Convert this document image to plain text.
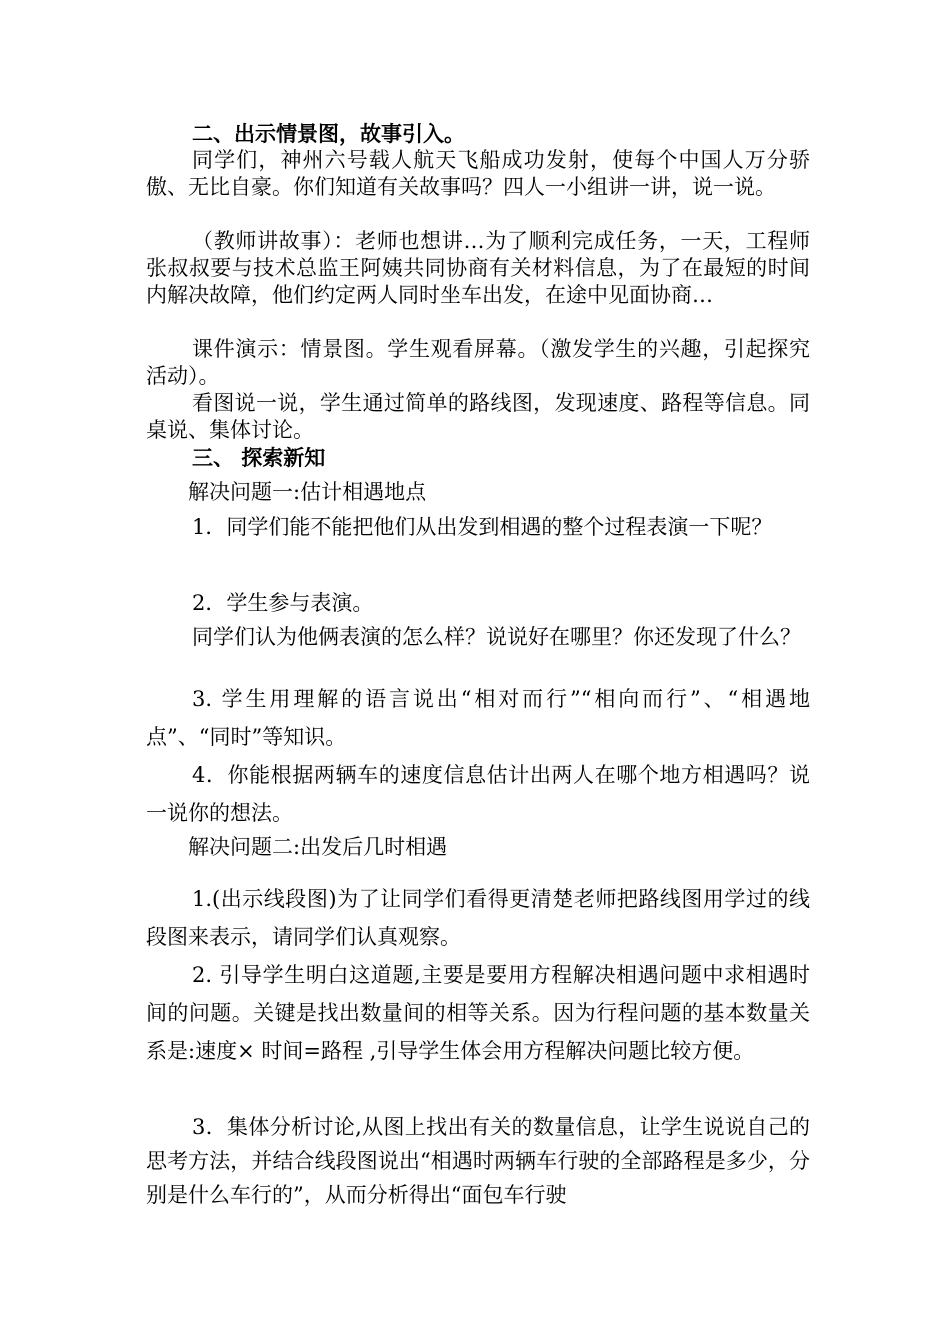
二、出示情景图，故事引入。
同学们，神州六号载人航天飞船成功发射，使每个中国人万分骄傲、无比自豪。你们知道有关故事吗？四人一小组讲一讲，说一说。
（教师讲故事）：老师也想讲…为了顺利完成任务，一天，工程师张叔叔要与技术总监王阿姨共同协商有关材料信息，为了在最短的时间内解决故障，他们约定两人同时坐车出发，在途中见面协商…
课件演示：情景图。学生观看屏幕。（激发学生的兴趣，引起探究活动）。
看图说一说，学生通过简单的路线图，发现速度、路程等信息。同桌说、集体讨论。
三、 探索新知
解决问题一:估计相遇地点
1．同学们能不能把他们从出发到相遇的整个过程表演一下呢？
2．学生参与表演。
同学们认为他俩表演的怎么样？说说好在哪里？你还发现了什么？
3. 学生用理解的语言说出“相对而行”“相向而行”、“相遇地点”、“同时”等知识。
4．你能根据两辆车的速度信息估计出两人在哪个地方相遇吗？说一说你的想法。
解决问题二:出发后几时相遇
1.(出示线段图)为了让同学们看得更清楚老师把路线图用学过的线段图来表示，请同学们认真观察。
2. 引导学生明白这道题,主要是要用方程解决相遇问题中求相遇时间的问题。关键是找出数量间的相等关系。因为行程问题的基本数量关系是:速度× 时间=路程 ,引导学生体会用方程解决问题比较方便。
3．集体分析讨论,从图上找出有关的数量信息，让学生说说自己的思考方法，并结合线段图说出“相遇时两辆车行驶的全部路程是多少，分别是什么车行的”，从而分析得出“面包车行驶
